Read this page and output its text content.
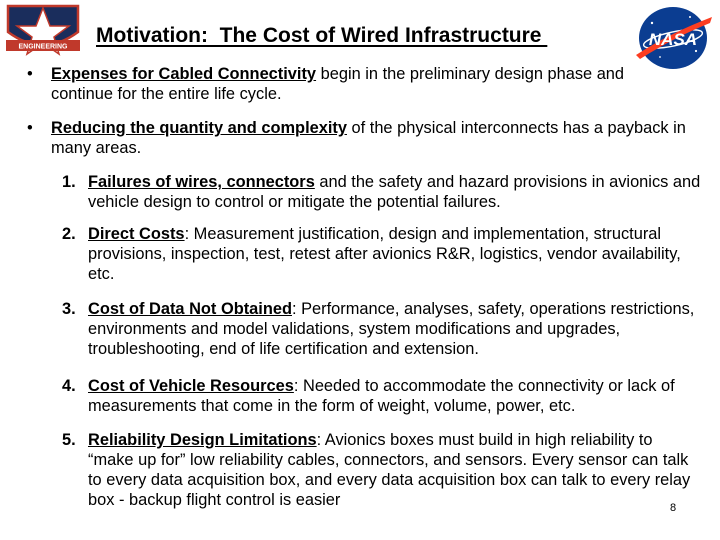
ENGINEERING Motivation:  The Cost of Wired Infrastructure	NASA
• Expenses for Cabled Connectivity begin in the preliminary design phase and continue for the entire life cycle.
• Reducing the quantity and complexity of the physical interconnects has a payback in many areas.
1. Failures of wires, connectors and the safety and hazard provisions in avionics and vehicle design to control or mitigate the potential failures.
2. Direct Costs: Measurement justification, design and implementation, structural provisions, inspection, test, retest after avionics R&R, logistics, vendor availability, etc.
3. Cost of Data Not Obtained: Performance, analyses, safety, operations restrictions, environments and model validations, system modifications and upgrades, troubleshooting, end of life certification and extension.
4. Cost of Vehicle Resources: Needed to accommodate the connectivity or lack of measurements that come in the form of weight, volume, power, etc.
5. Reliability Design Limitations: Avionics boxes must build in high reliability to “make up for” low reliability cables, connectors, and sensors. Every sensor can talk to every data acquisition box, and every data acquisition box can talk to every relay box - backup flight control is easier	8
